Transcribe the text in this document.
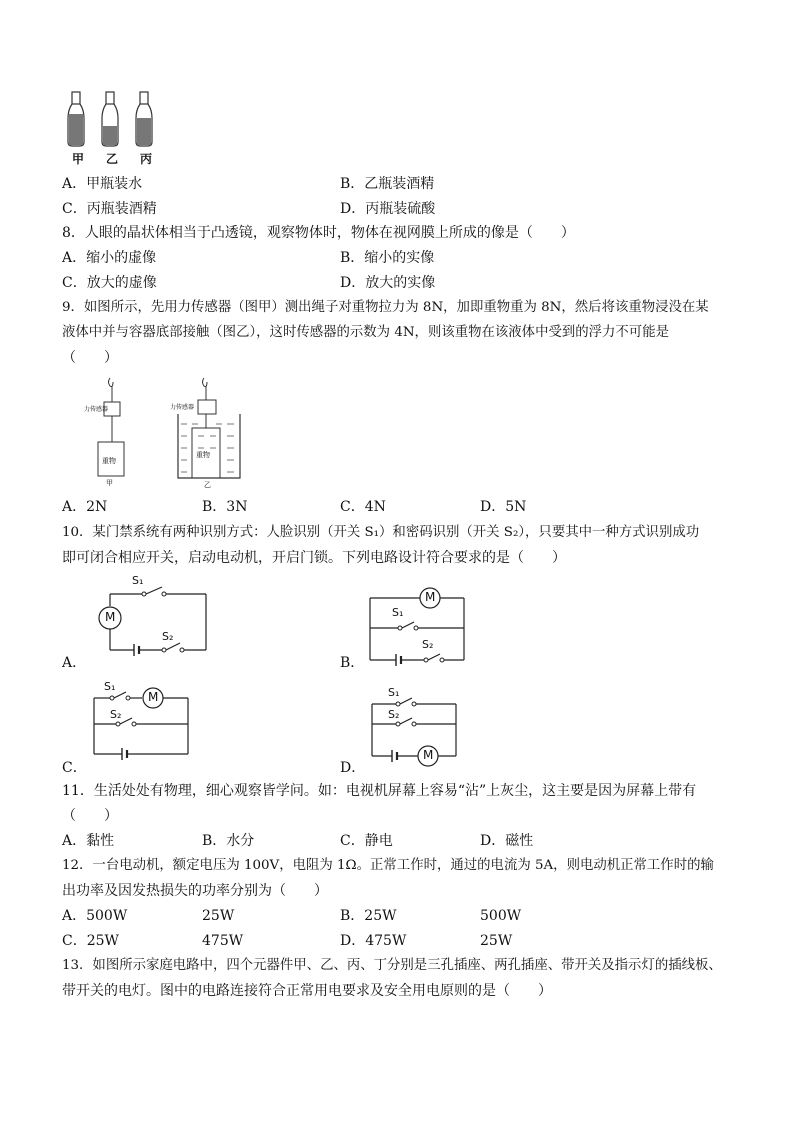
甲 乙 丙
A．甲瓶装水	B．乙瓶装酒精
C．丙瓶装酒精	D．丙瓶装硫酸
8．人眼的晶状体相当于凸透镜，观察物体时，物体在视网膜上所成的像是（　　）
A．缩小的虚像	B．缩小的实像
C．放大的虚像	D．放大的实像
9．如图所示，先用力传感器（图甲）测出绳子对重物拉力为 8N，加即重物重为 8N，然后将该重物浸没在某
液体中并与容器底部接触（图乙），这时传感器的示数为 4N，则该重物在该液体中受到的浮力不可能是
（　　）
力传感器
重物
甲
力传感器
重物
乙
A．2N	B．3N	C．4N	D．5N
10．某门禁系统有两种识别方式：人脸识别（开关 S₁）和密码识别（开关 S₂），只要其中一种方式识别成功
即可闭合相应开关，启动电动机，开启门锁。下列电路设计符合要求的是（　　）
M
S₁
S₂
A．
M
S₁
S₂
B．
M
S₁
S₂
C．
M
S₁
S₂
D．
11．生活处处有物理，细心观察皆学问。如：电视机屏幕上容易“沾”上灰尘，这主要是因为屏幕上带有
（　　）
A．黏性	B．水分	C．静电	D．磁性
12．一台电动机，额定电压为 100V，电阻为 1Ω。正常工作时，通过的电流为 5A，则电动机正常工作时的输
出功率及因发热损失的功率分别为（　　）
A．500W	25W	B．25W	500W
C．25W	475W	D．475W	25W
13．如图所示家庭电路中，四个元器件甲、乙、丙、丁分别是三孔插座、两孔插座、带开关及指示灯的插线板、
带开关的电灯。图中的电路连接符合正常用电要求及安全用电原则的是（　　）
